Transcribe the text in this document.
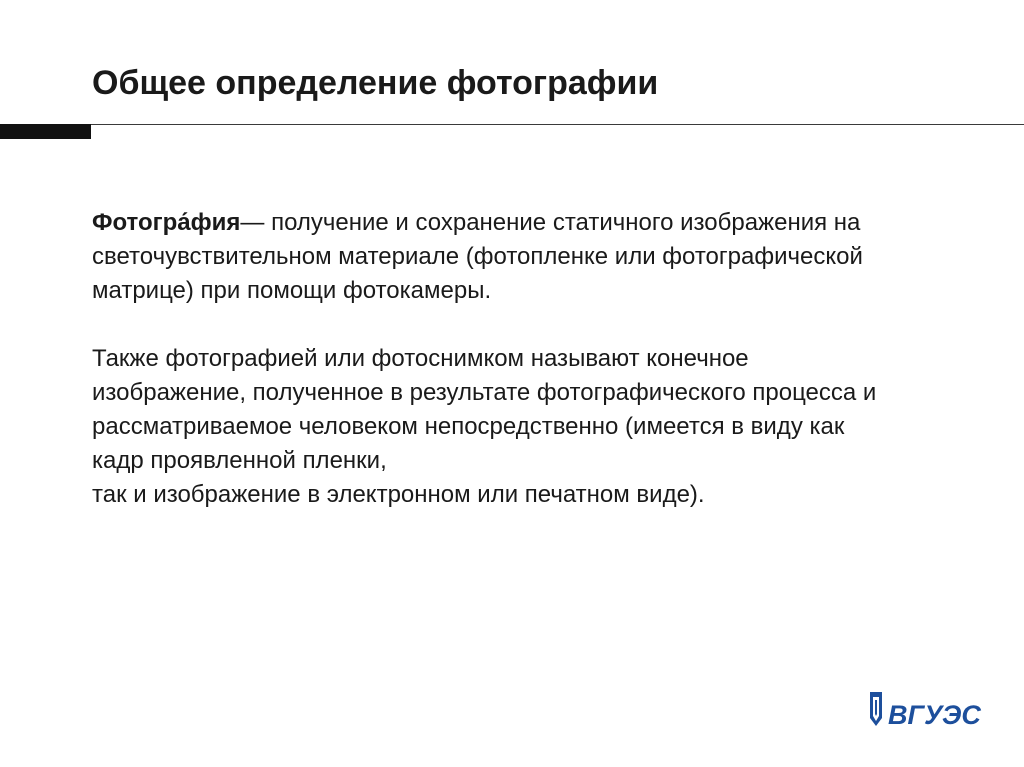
Общее определение фотографии

Фотогра́фия— получение и сохранение статичного изображения на светочувствительном материале (фотопленке или фотографической матрице) при помощи фотокамеры.

Также фотографией или фотоснимком называют конечное изображение, полученное в результате фотографического процесса и рассматриваемое человеком непосредственно (имеется в виду как кадр проявленной пленки,
так и изображение в электронном или печатном виде).

ВГУЭС
